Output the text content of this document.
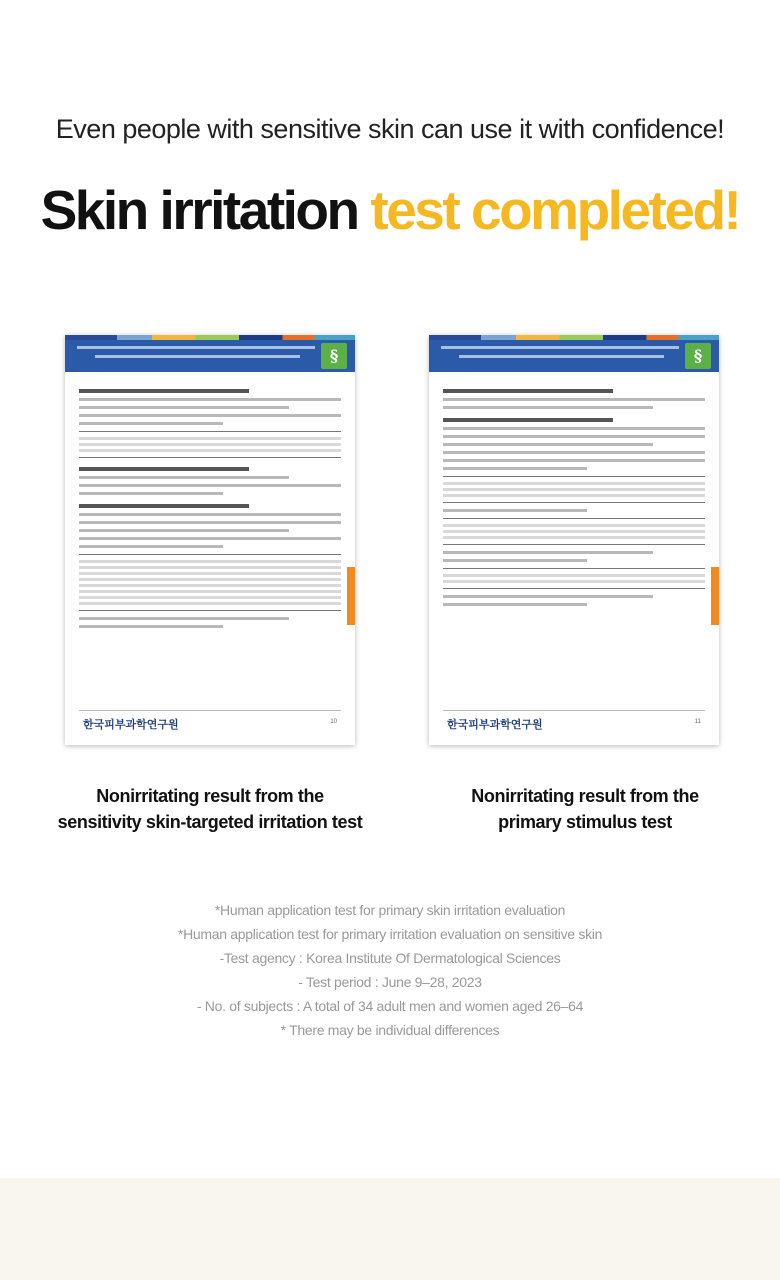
Even people with sensitive skin can use it with confidence!
Skin irritation test completed!
§
한국피부과학연구원	10
§
한국피부과학연구원	11
Nonirritating result from the
sensitivity skin-targeted irritation test
Nonirritating result from the
primary stimulus test
*Human application test for primary skin irritation evaluation
*Human application test for primary irritation evaluation on sensitive skin
-Test agency : Korea Institute Of Dermatological Sciences
- Test period : June 9–28, 2023
- No. of subjects : A total of 34 adult men and women aged 26–64
* There may be individual differences
